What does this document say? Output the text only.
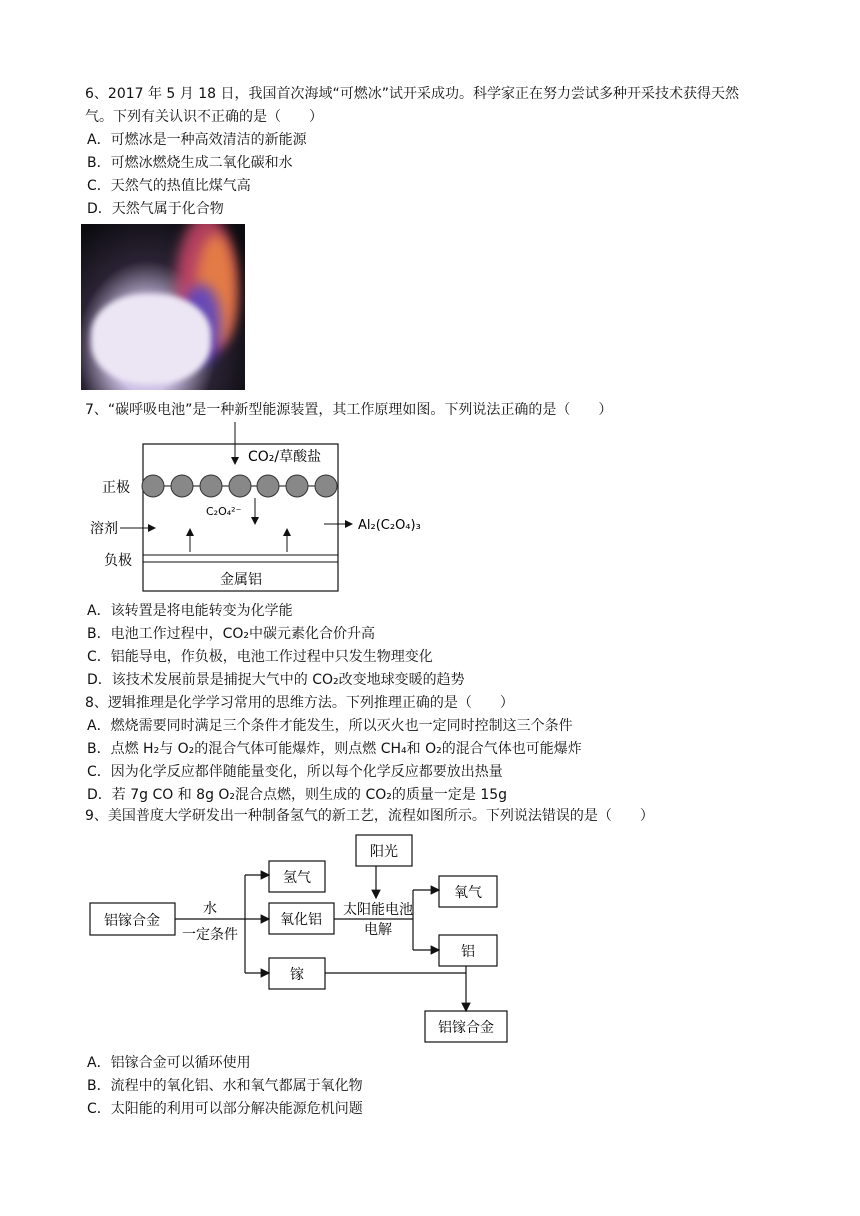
6、2017 年 5 月 18 日，我国首次海域“可燃冰”试开采成功。科学家正在努力尝试多种开采技术获得天然
气。下列有关认识不正确的是（　　）
A．可燃冰是一种高效清洁的新能源
B．可燃冰燃烧生成二氧化碳和水
C．天然气的热值比煤气高
D．天然气属于化合物
7、“碳呼吸电池”是一种新型能源装置，其工作原理如图。下列说法正确的是（　　）
CO₂/草酸盐
正极
C₂O₄²⁻
溶剂	Al₂(C₂O₄)₃
负极
金属铝
A．该转置是将电能转变为化学能
B．电池工作过程中，CO₂中碳元素化合价升高
C．铝能导电，作负极，电池工作过程中只发生物理变化
D．该技术发展前景是捕捉大气中的 CO₂改变地球变暖的趋势
8、逻辑推理是化学学习常用的思维方法。下列推理正确的是（　　）
A．燃烧需要同时满足三个条件才能发生，所以灭火也一定同时控制这三个条件
B．点燃 H₂与 O₂的混合气体可能爆炸，则点燃 CH₄和 O₂的混合气体也可能爆炸
C．因为化学反应都伴随能量变化，所以每个化学反应都要放出热量
D．若 7g CO 和 8g O₂混合点燃，则生成的 CO₂的质量一定是 15g
9、美国普度大学研发出一种制备氢气的新工艺，流程如图所示。下列说法错误的是（　　）
铝镓合金
水
一定条件
氢气
氧化铝
镓
阳光
太阳能电池
电解
氧气
铝
铝镓合金
A．铝镓合金可以循环使用
B．流程中的氧化铝、水和氧气都属于氧化物
C．太阳能的利用可以部分解决能源危机问题
